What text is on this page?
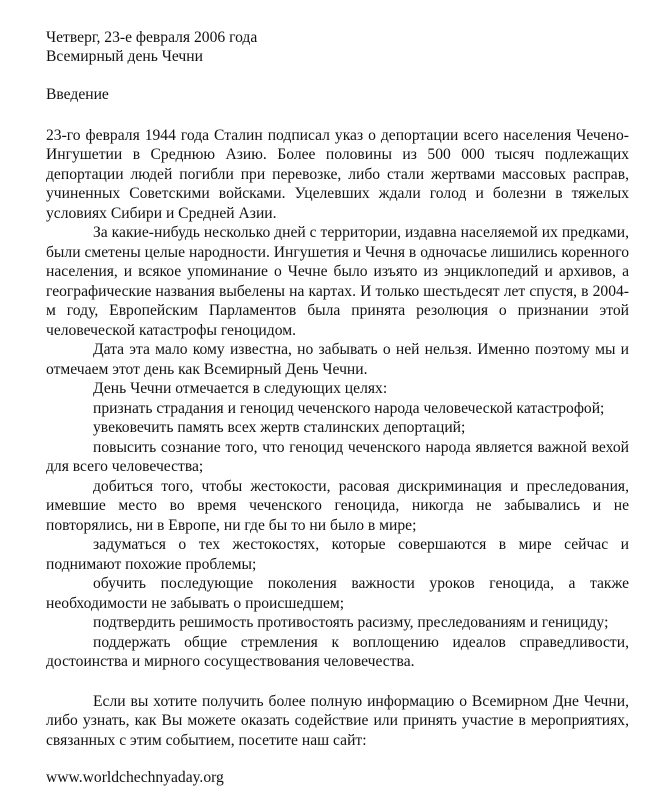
Четверг, 23-е февраля 2006 года

Всемирный день Чечни

Введение

23-го февраля 1944 года Сталин подписал указ о депортации всего населения Чечено-Ингушетии в Среднюю Азию. Более половины из 500 000 тысяч подлежащих депортации людей погибли при перевозке, либо стали жертвами массовых расправ, учиненных Советскими войсками. Уцелевших ждали голод и болезни в тяжелых условиях Сибири и Средней Азии.

За какие-нибудь несколько дней с территории, издавна населяемой их предками, были сметены целые народности. Ингушетия и Чечня в одночасье лишились коренного населения, и всякое упоминание о Чечне было изъято из энциклопедий и архивов, а географические названия выбелены на картах. И только шестьдесят лет спустя, в 2004-м году, Европейским Парламентов была принята резолюция о признании этой человеческой катастрофы геноцидом.

Дата эта мало кому известна, но забывать о ней нельзя. Именно поэтому мы и отмечаем этот день как Всемирный День Чечни.

День Чечни отмечается в следующих целях:

признать страдания и геноцид чеченского народа человеческой катастрофой;

увековечить память всех жертв сталинских депортаций;

повысить сознание того, что геноцид чеченского народа является важной вехой для всего человечества;

добиться того, чтобы жестокости, расовая дискриминация и преследования, имевшие место во время чеченского геноцида, никогда не забывались и не повторялись, ни в Европе, ни где бы то ни было в мире;

задуматься о тех жестокостях, которые совершаются в мире сейчас и поднимают похожие проблемы;

обучить последующие поколения важности уроков геноцида, а также необходимости не забывать о происшедшем;

подтвердить решимость противостоять расизму, преследованиям и геницидy;

поддержать общие стремления к воплощению идеалов справедливости, достоинства и мирного сосуществования человечества.

Если вы хотите получить более полную информацию о Всемирном Дне Чечни, либо узнать, как Вы можете оказать содействие или принять участие в мероприятиях, связанных с этим событием, посетите наш сайт:

www.worldchechnyaday.org
